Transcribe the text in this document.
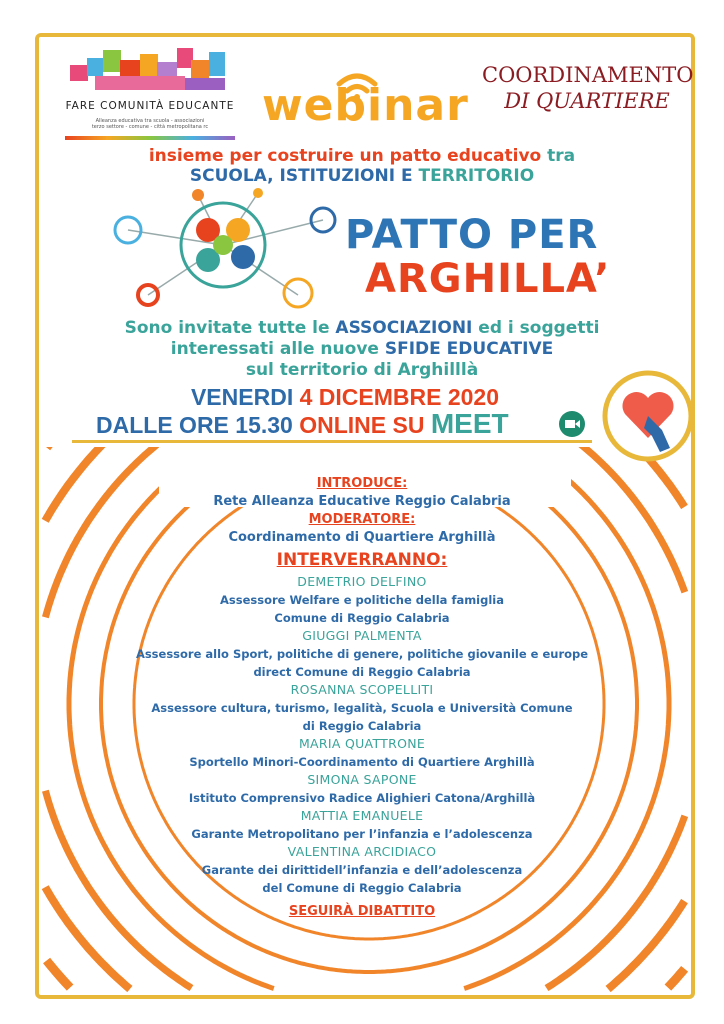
FARE COMUNITÀ EDUCANTE
Alleanza educativa tra scuola - associazioni
terzo settore - comune - città metropolitana rc	webinar
COORDINAMENTO
DI QUARTIERE
insieme per costruire un patto educativo tra
SCUOLA, ISTITUZIONI E TERRITORIO
PATTO PER
ARGHILLA’
Sono invitate tutte le ASSOCIAZIONI ed i soggetti
interessati alle nuove SFIDE EDUCATIVE
sul territorio di Arghilllà
VENERDI 4 DICEMBRE 2020
DALLE ORE 15.30 ONLINE SU MEET
INTRODUCE:
Rete Alleanza Educative Reggio Calabria
MODERATORE:
Coordinamento di Quartiere Arghillà
INTERVERRANNO:
DEMETRIO DELFINO
Assessore Welfare e politiche della famiglia
Comune di Reggio Calabria
GIUGGI PALMENTA
Assessore allo Sport, politiche di genere, politiche giovanile e europe
direct Comune di Reggio Calabria
ROSANNA SCOPELLITI
Assessore cultura, turismo, legalità, Scuola e Università Comune
di Reggio Calabria
MARIA QUATTRONE
Sportello Minori-Coordinamento di Quartiere Arghillà
SIMONA SAPONE
Istituto Comprensivo Radice Alighieri Catona/Arghillà
MATTIA EMANUELE
Garante Metropolitano per l’infanzia e l’adolescenza
VALENTINA ARCIDIACO
Garante dei dirittidell’infanzia e dell’adolescenza
del Comune di Reggio Calabria
SEGUIRÀ DIBATTITO
